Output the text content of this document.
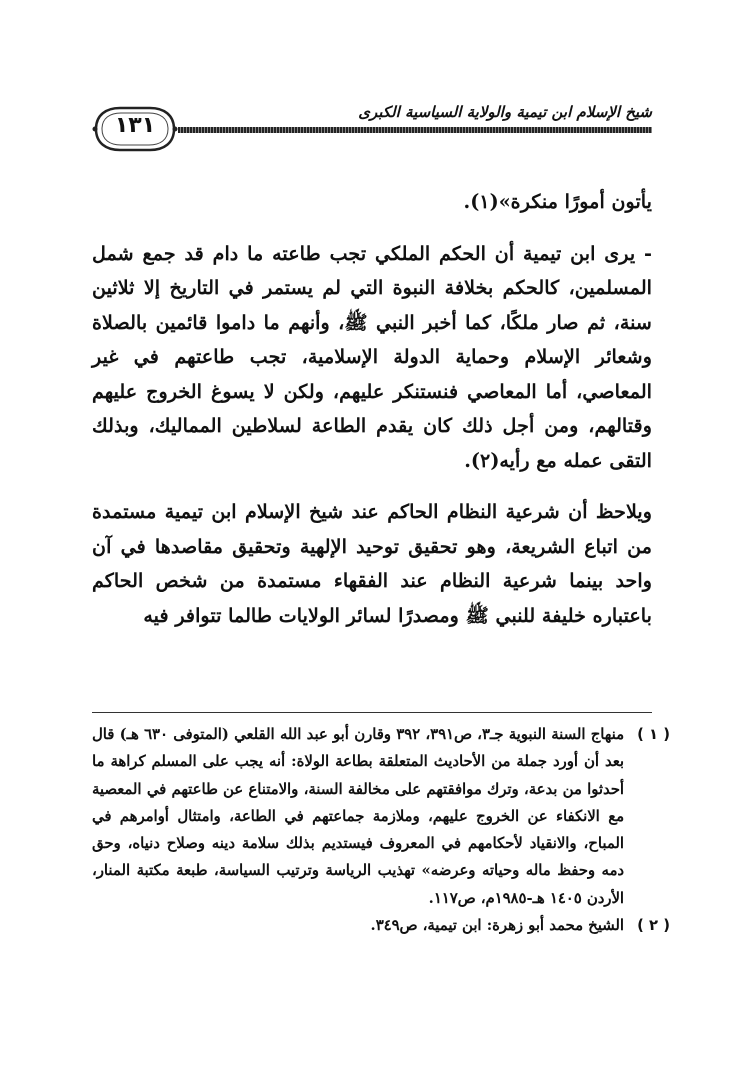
١٣١
شيخ الإسلام ابن تيمية والولاية السياسية الكبرى

يأتون أمورًا منكرة»(١).

- يرى ابن تيمية أن الحكم الملكي تجب طاعته ما دام قد جمع شمل المسلمين، كالحكم بخلافة النبوة التي لم يستمر في التاريخ إلا ثلاثين سنة، ثم صار ملكًا، كما أخبر النبي ﷺ، وأنهم ما داموا قائمين بالصلاة وشعائر الإسلام وحماية الدولة الإسلامية، تجب طاعتهم في غير المعاصي، أما المعاصي فنستنكر عليهم، ولكن لا يسوغ الخروج عليهم وقتالهم، ومن أجل ذلك كان يقدم الطاعة لسلاطين المماليك، وبذلك التقى عمله مع رأيه(٢).

ويلاحظ أن شرعية النظام الحاكم عند شيخ الإسلام ابن تيمية مستمدة من اتباع الشريعة، وهو تحقيق توحيد الإلهية وتحقيق مقاصدها في آن واحد بينما شرعية النظام عند الفقهاء مستمدة من شخص الحاكم باعتباره خليفة للنبي ﷺ ومصدرًا لسائر الولايات طالما تتوافر فيه

( ١ )
منهاج السنة النبوية جـ٣، ص٣٩١، ٣٩٢ وقارن أبو عبد الله القلعي (المتوفى ٦٣٠ هـ) قال بعد أن أورد جملة من الأحاديث المتعلقة بطاعة الولاة: أنه يجب على المسلم كراهة ما أحدثوا من بدعة، وترك موافقتهم على مخالفة السنة، والامتناع عن طاعتهم في المعصية مع الانكفاء عن الخروج عليهم، وملازمة جماعتهم في الطاعة، وامتثال أوامرهم في المباح، والانقياد لأحكامهم في المعروف فيستديم بذلك سلامة دينه وصلاح دنياه، وحق دمه وحفظ ماله وحياته وعرضه» تهذيب الرياسة وترتيب السياسة، طبعة مكتبة المنار، الأردن ١٤٠٥ هـ-١٩٨٥م، ص١١٧.
( ٢ )
الشيخ محمد أبو زهرة: ابن تيمية، ص٣٤٩.
